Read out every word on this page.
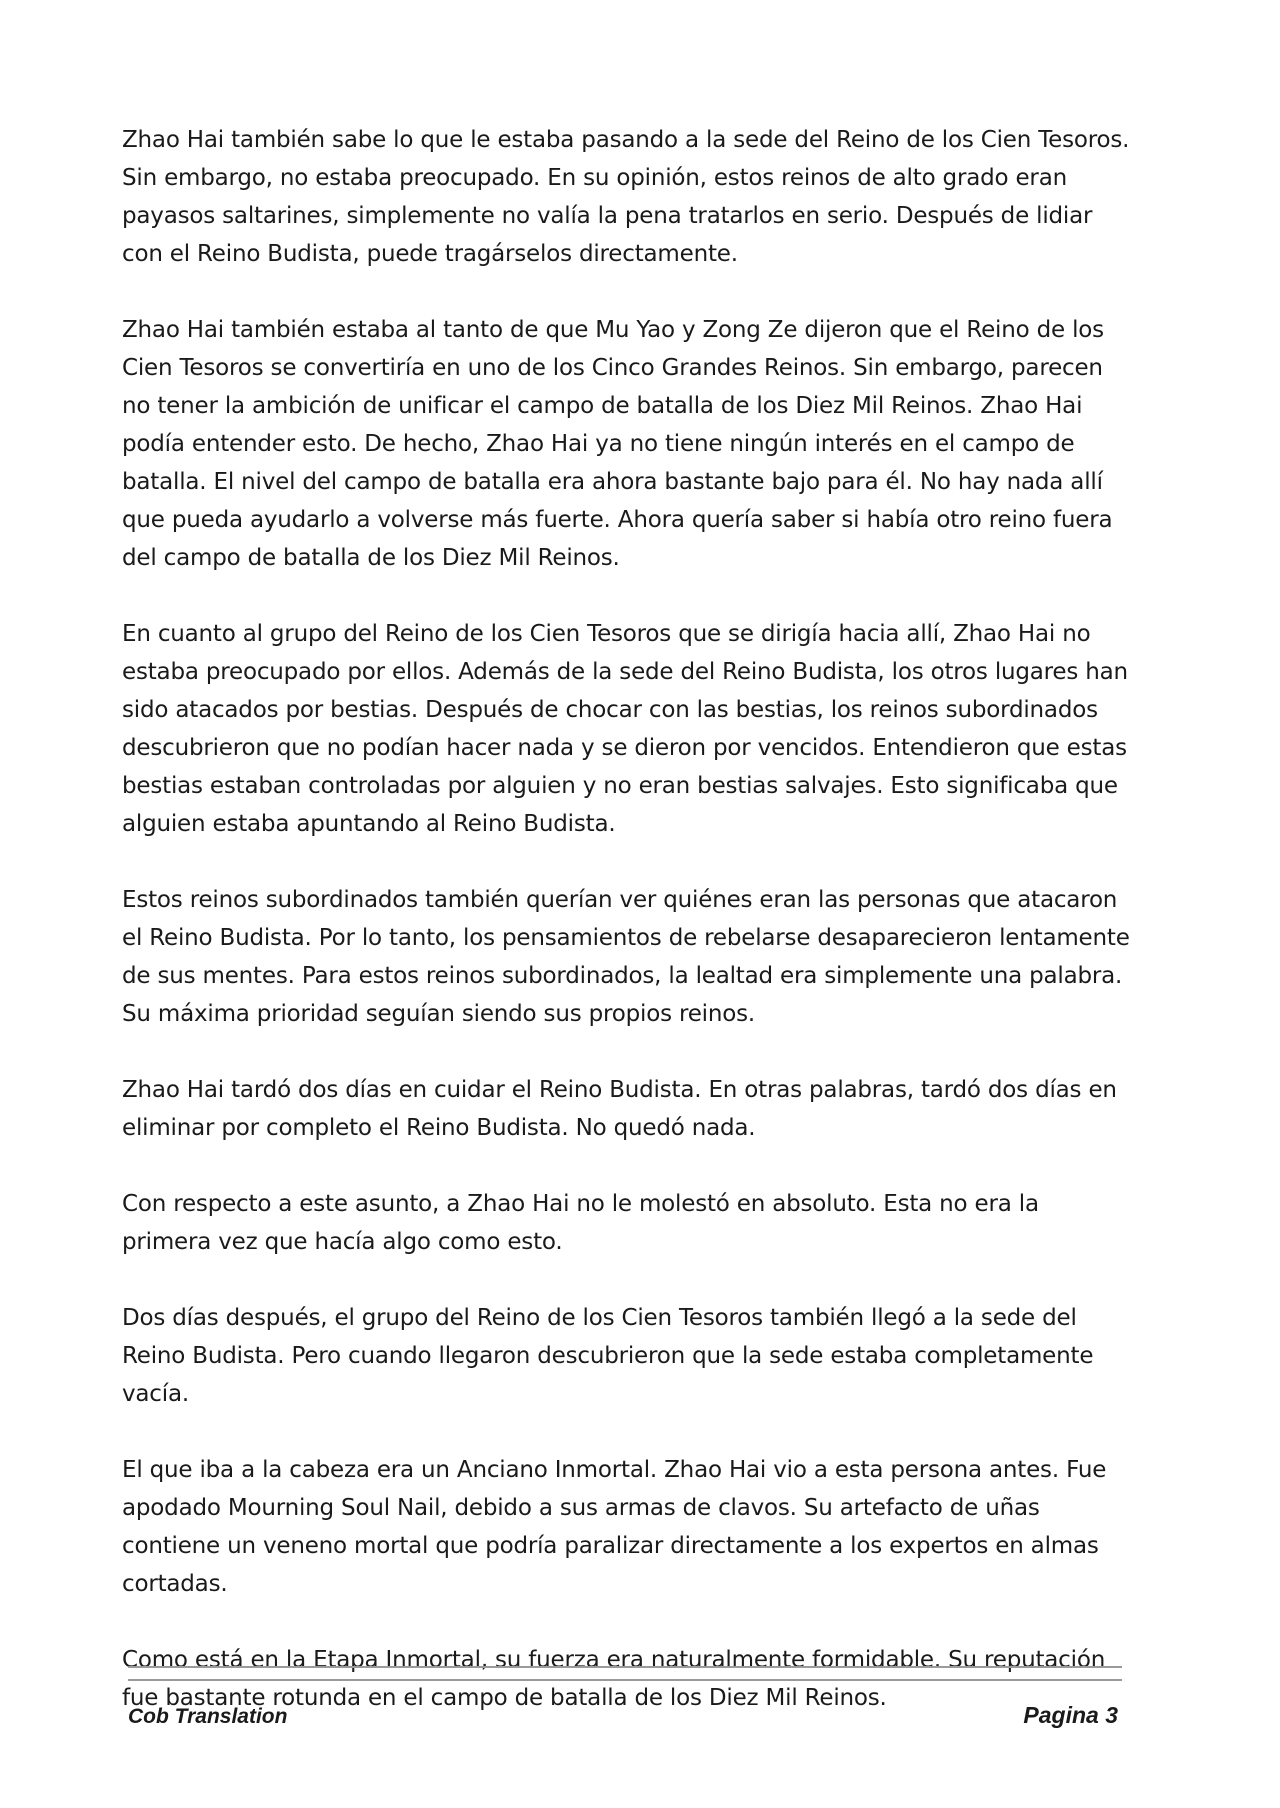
Zhao Hai también sabe lo que le estaba pasando a la sede del Reino de los Cien Tesoros. Sin embargo, no estaba preocupado. En su opinión, estos reinos de alto grado eran payasos saltarines, simplemente no valía la pena tratarlos en serio. Después de lidiar con el Reino Budista, puede tragárselos directamente.

Zhao Hai también estaba al tanto de que Mu Yao y Zong Ze dijeron que el Reino de los Cien Tesoros se convertiría en uno de los Cinco Grandes Reinos. Sin embargo, parecen no tener la ambición de unificar el campo de batalla de los Diez Mil Reinos. Zhao Hai podía entender esto. De hecho, Zhao Hai ya no tiene ningún interés en el campo de batalla. El nivel del campo de batalla era ahora bastante bajo para él. No hay nada allí que pueda ayudarlo a volverse más fuerte. Ahora quería saber si había otro reino fuera del campo de batalla de los Diez Mil Reinos.

En cuanto al grupo del Reino de los Cien Tesoros que se dirigía hacia allí, Zhao Hai no estaba preocupado por ellos. Además de la sede del Reino Budista, los otros lugares han sido atacados por bestias. Después de chocar con las bestias, los reinos subordinados descubrieron que no podían hacer nada y se dieron por vencidos. Entendieron que estas bestias estaban controladas por alguien y no eran bestias salvajes. Esto significaba que alguien estaba apuntando al Reino Budista.

Estos reinos subordinados también querían ver quiénes eran las personas que atacaron el Reino Budista. Por lo tanto, los pensamientos de rebelarse desaparecieron lentamente de sus mentes. Para estos reinos subordinados, la lealtad era simplemente una palabra. Su máxima prioridad seguían siendo sus propios reinos.

Zhao Hai tardó dos días en cuidar el Reino Budista. En otras palabras, tardó dos días en eliminar por completo el Reino Budista. No quedó nada.

Con respecto a este asunto, a Zhao Hai no le molestó en absoluto. Esta no era la primera vez que hacía algo como esto.

Dos días después, el grupo del Reino de los Cien Tesoros también llegó a la sede del Reino Budista. Pero cuando llegaron descubrieron que la sede estaba completamente vacía.

El que iba a la cabeza era un Anciano Inmortal. Zhao Hai vio a esta persona antes. Fue apodado Mourning Soul Nail, debido a sus armas de clavos. Su artefacto de uñas contiene un veneno mortal que podría paralizar directamente a los expertos en almas cortadas.

Como está en la Etapa Inmortal, su fuerza era naturalmente formidable. Su reputación fue bastante rotunda en el campo de batalla de los Diez Mil Reinos.

Cob Translation	Pagina 3
